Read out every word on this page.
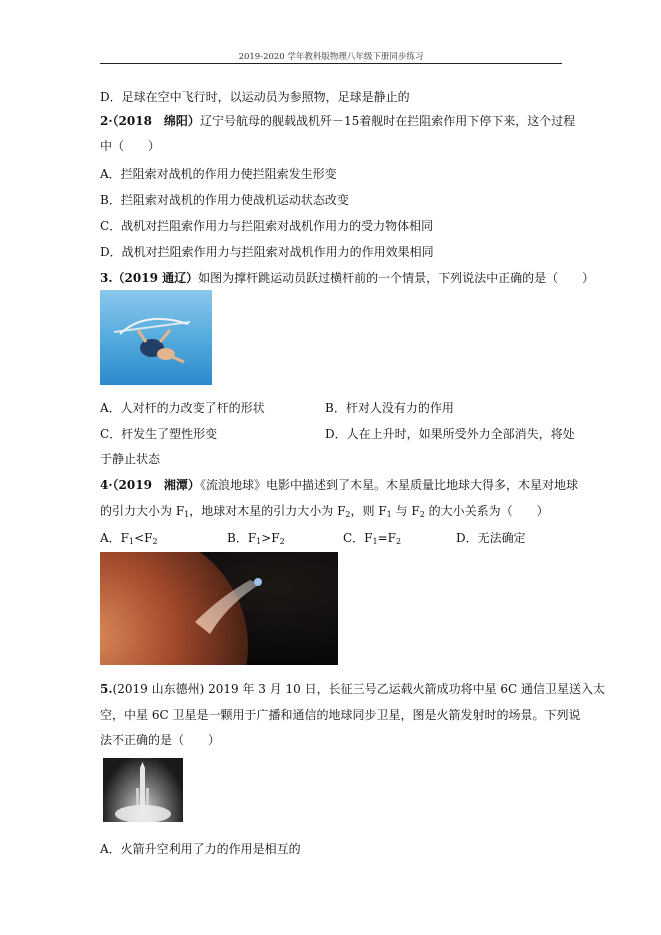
2019-2020 学年教科版物理八年级下册同步练习
D．足球在空中飞行时，以运动员为参照物，足球是静止的
2·（2018　绵阳）辽宁号航母的舰载战机歼－15着舰时在拦阻索作用下停下来，这个过程
中（　　）
A．拦阻索对战机的作用力使拦阻索发生形变
B．拦阻索对战机的作用力使战机运动状态改变
C．战机对拦阻索作用力与拦阻索对战机作用力的受力物体相同
D．战机对拦阻索作用力与拦阻索对战机作用力的作用效果相同
3.（2019 通辽）如图为撑杆跳运动员跃过横杆前的一个情景，下列说法中正确的是（　　）
A．人对杆的力改变了杆的形状	B．杆对人没有力的作用
C．杆发生了塑性形变	D．人在上升时，如果所受外力全部消失，将处
于静止状态
4·（2019　湘潭）《流浪地球》电影中描述到了木星。木星质量比地球大得多，木星对地球
的引力大小为 $F_1$，地球对木星的引力大小为 $F_2$，则 $F_1$ 与 $F_2$ 的大小关系为（　　）
A．$F_1<F_2$	B．$F_1>F_2$	C．$F_1=F_2$	D．无法确定
5.(2019 山东德州) 2019 年 3 月 10 日，长征三号乙运载火箭成功将中星 6C 通信卫星送入太
空，中星 6C 卫星是一颗用于广播和通信的地球同步卫星，图是火箭发射时的场景。下列说
法不正确的是（　　）
A．火箭升空利用了力的作用是相互的
